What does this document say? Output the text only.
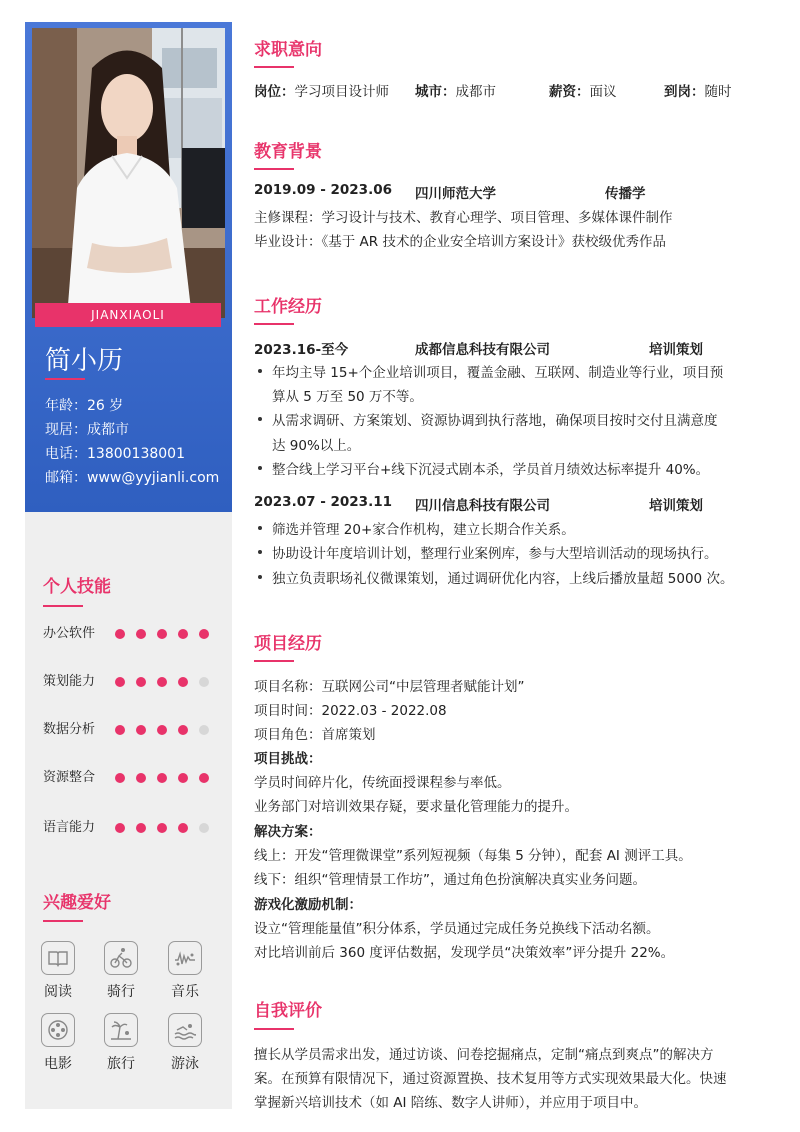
JIANXIAOLI
简小历
年龄：26 岁
现居：成都市
电话：13800138001
邮箱：www@yyjianli.com
个人技能
办公软件
策划能力
数据分析
资源整合
语言能力
兴趣爱好
阅读	骑行	音乐
电影	旅行	游泳
求职意向
岗位：学习项目设计师 城市：成都市	薪资：面议	到岗：随时
教育背景
2019.09 - 2023.06 四川师范大学	传播学
主修课程：学习设计与技术、教育心理学、项目管理、多媒体课件制作
毕业设计：《基于 AR 技术的企业安全培训方案设计》获校级优秀作品
工作经历
2023.16-至今	成都信息科技有限公司	培训策划
年均主导 15+个企业培训项目，覆盖金融、互联网、制造业等行业，项目预
算从 5 万至 50 万不等。
从需求调研、方案策划、资源协调到执行落地，确保项目按时交付且满意度
达 90%以上。
整合线上学习平台+线下沉浸式剧本杀，学员首月绩效达标率提升 40%。
2023.07 - 2023.11 四川信息科技有限公司	培训策划
筛选并管理 20+家合作机构，建立长期合作关系。
协助设计年度培训计划，整理行业案例库，参与大型培训活动的现场执行。
独立负责职场礼仪微课策划，通过调研优化内容，上线后播放量超 5000 次。
项目经历
项目名称：互联网公司“中层管理者赋能计划”
项目时间：2022.03 - 2022.08
项目角色：首席策划
项目挑战：
学员时间碎片化，传统面授课程参与率低。
业务部门对培训效果存疑，要求量化管理能力的提升。
解决方案：
线上：开发“管理微课堂”系列短视频（每集 5 分钟），配套 AI 测评工具。
线下：组织“管理情景工作坊”，通过角色扮演解决真实业务问题。
游戏化激励机制：
设立“管理能量值”积分体系，学员通过完成任务兑换线下活动名额。
对比培训前后 360 度评估数据，发现学员“决策效率”评分提升 22%。
自我评价
擅长从学员需求出发，通过访谈、问卷挖掘痛点，定制“痛点到爽点”的解决方
案。在预算有限情况下，通过资源置换、技术复用等方式实现效果最大化。快速
掌握新兴培训技术（如 AI 陪练、数字人讲师），并应用于项目中。
